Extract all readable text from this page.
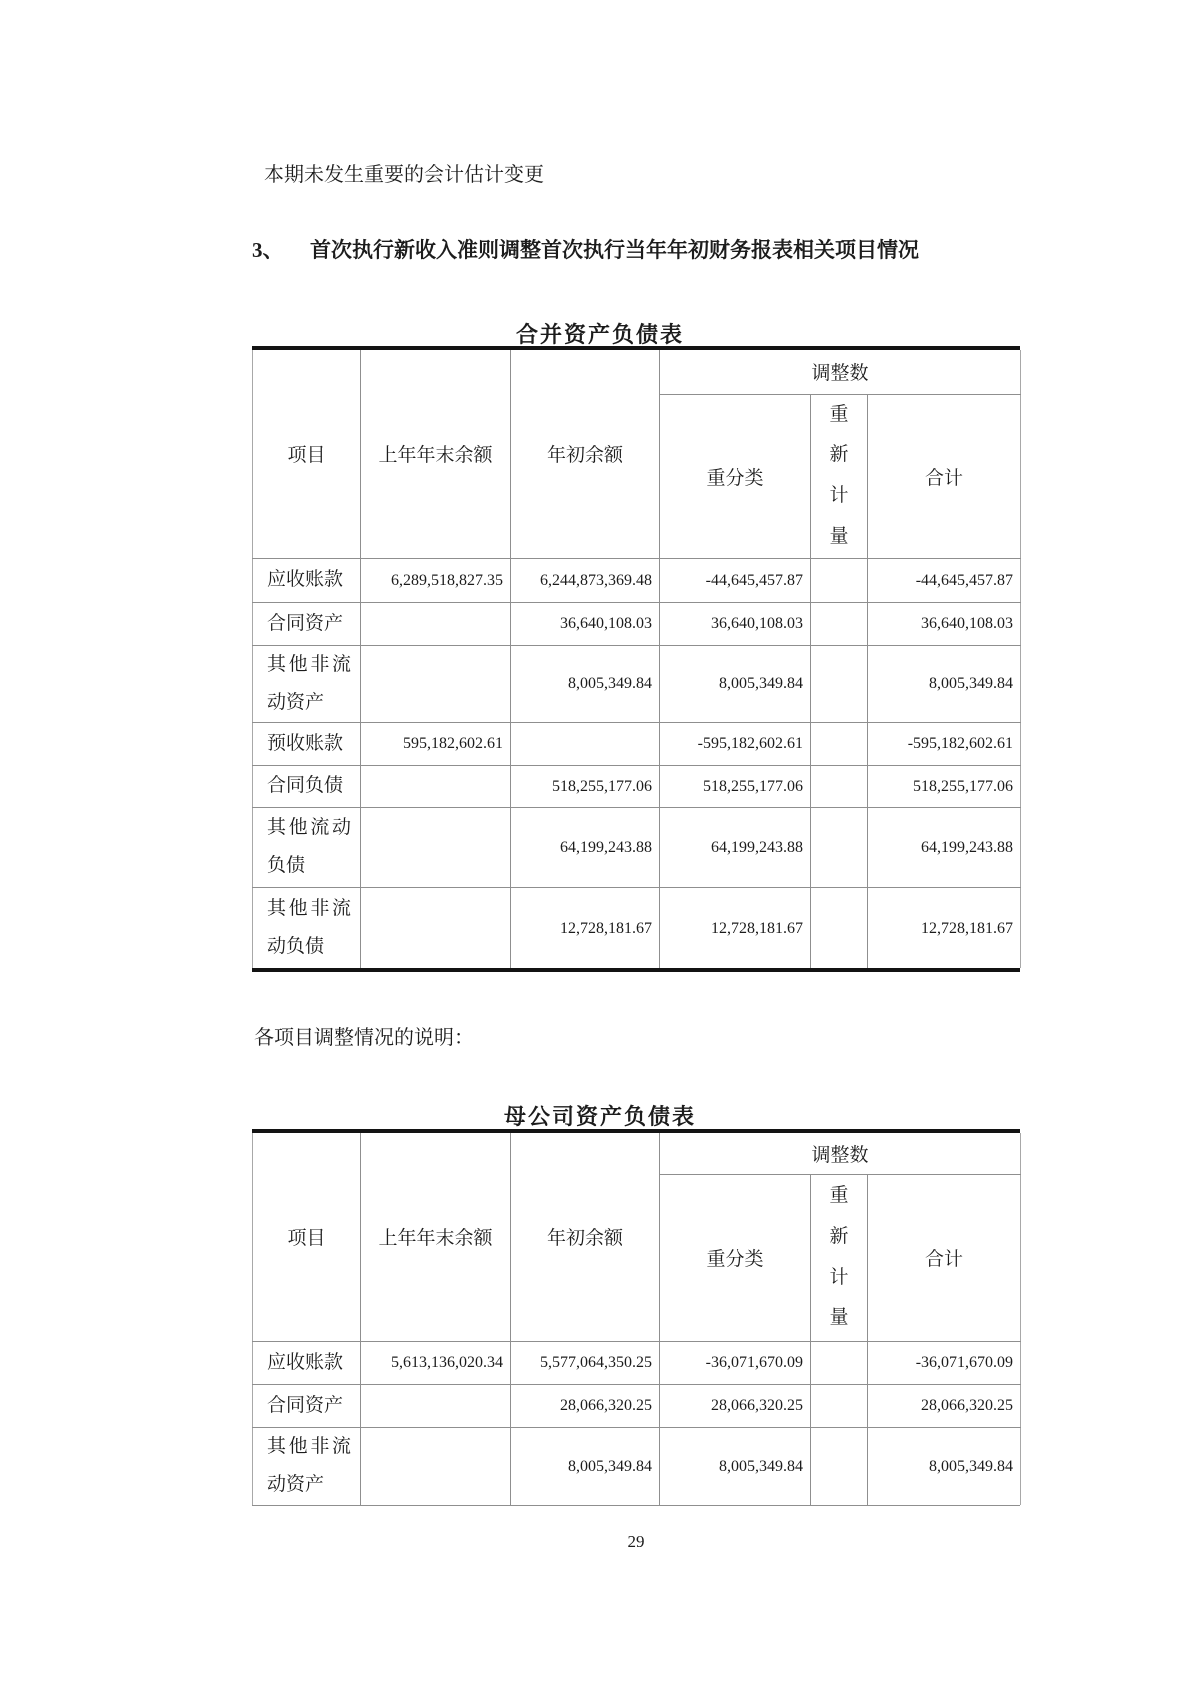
本期未发生重要的会计估计变更
3、	首次执行新收入准则调整首次执行当年年初财务报表相关项目情况
合并资产负债表
项目	上年年末余额	年初余额	调整数		
			重分类	重新计量	合计
应收账款	6,289,518,827.35	6,244,873,369.48	-44,645,457.87		-44,645,457.87
合同资产		36,640,108.03	36,640,108.03		36,640,108.03
其他非流动资产		8,005,349.84	8,005,349.84		8,005,349.84
预收账款	595,182,602.61		-595,182,602.61		-595,182,602.61
合同负债		518,255,177.06	518,255,177.06		518,255,177.06
其他流动负债		64,199,243.88	64,199,243.88		64,199,243.88
其他非流动负债		12,728,181.67	12,728,181.67		12,728,181.67
各项目调整情况的说明：
母公司资产负债表
项目	上年年末余额	年初余额	调整数		
			重分类	重新计量	合计
应收账款	5,613,136,020.34	5,577,064,350.25	-36,071,670.09		-36,071,670.09
合同资产		28,066,320.25	28,066,320.25		28,066,320.25
其他非流动资产		8,005,349.84	8,005,349.84		8,005,349.84
29
